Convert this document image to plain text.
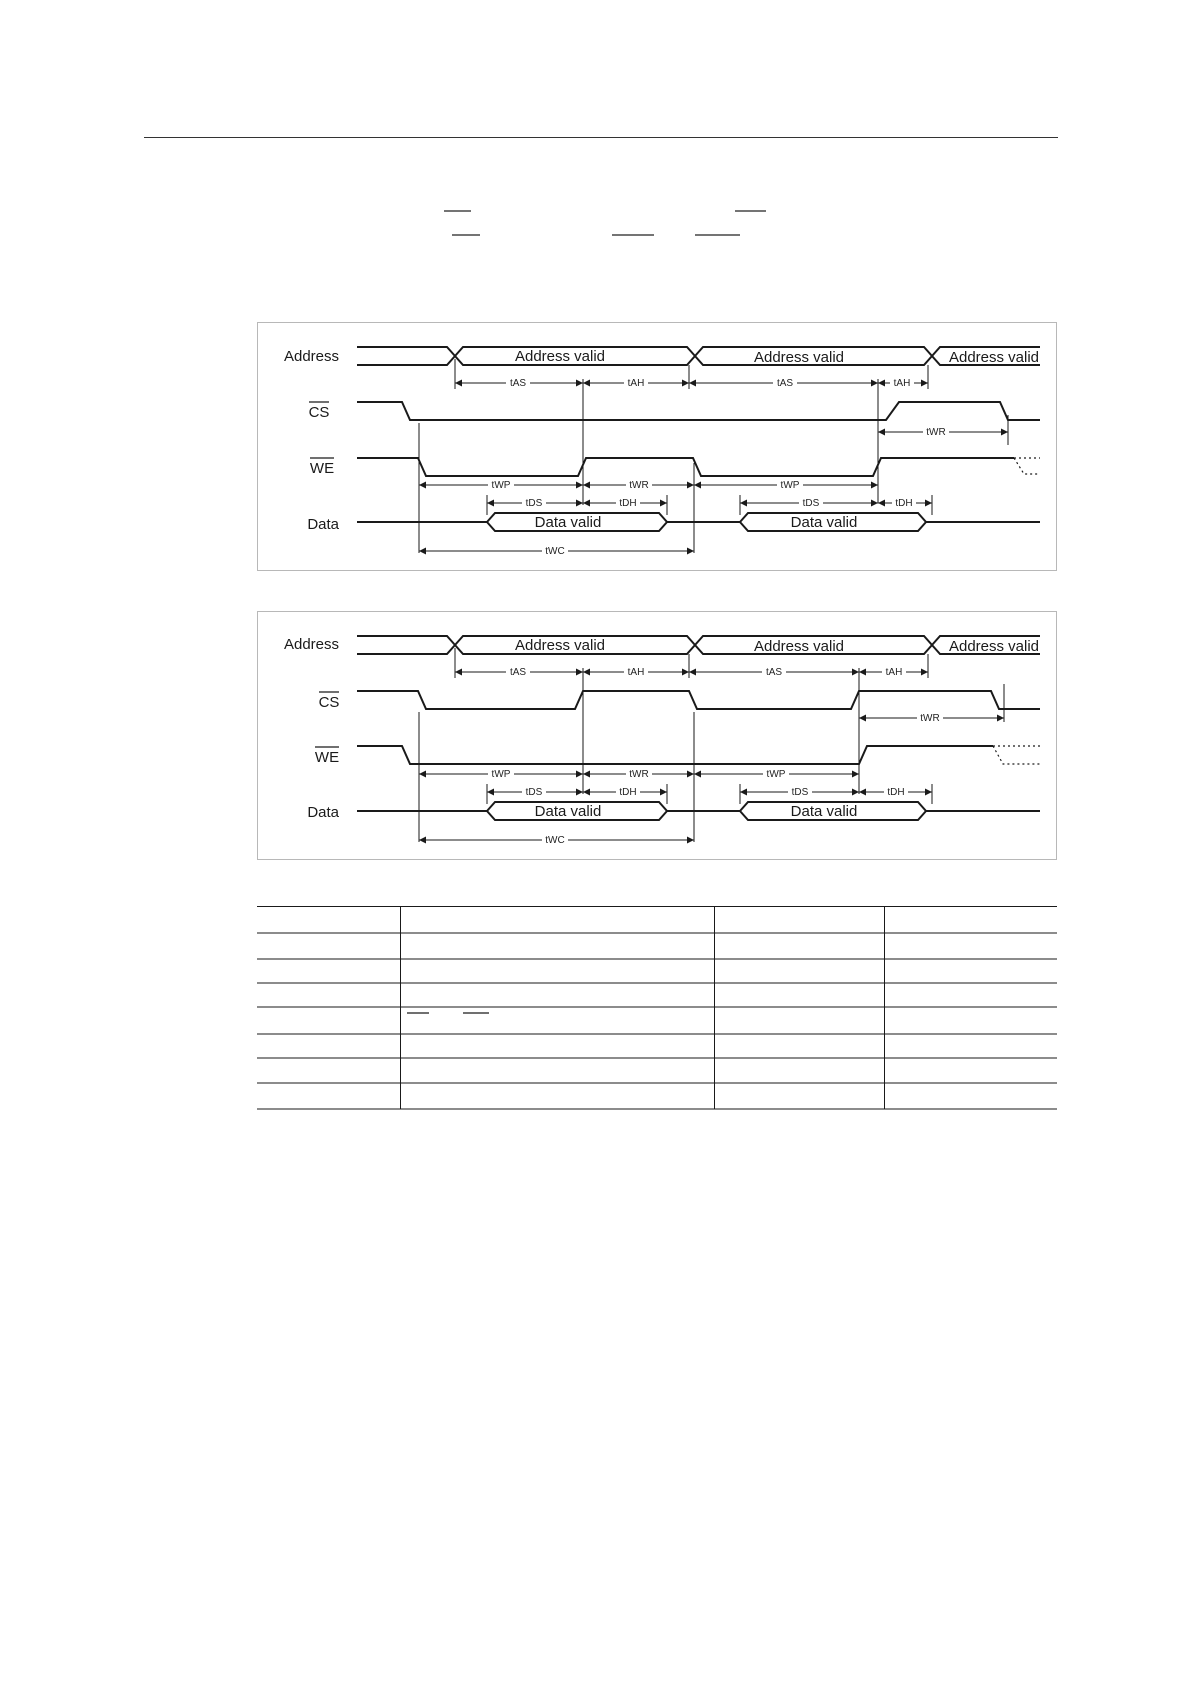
Address
CS
WE
Data
Address valid	Address valid	Address valid
Data valid	Data valid
tAS	tAH	tAS	tAH
tWR
tWP	tWR	tWP
tDS	tDH	tDS	tDH
tWC
Address
CS
WE
Data
Address valid	Address valid	Address valid
Data valid	Data valid
tAS	tAH	tAS	tAH
tWR
tWP	tWR	tWP
tDS	tDH	tDS	tDH
tWC
